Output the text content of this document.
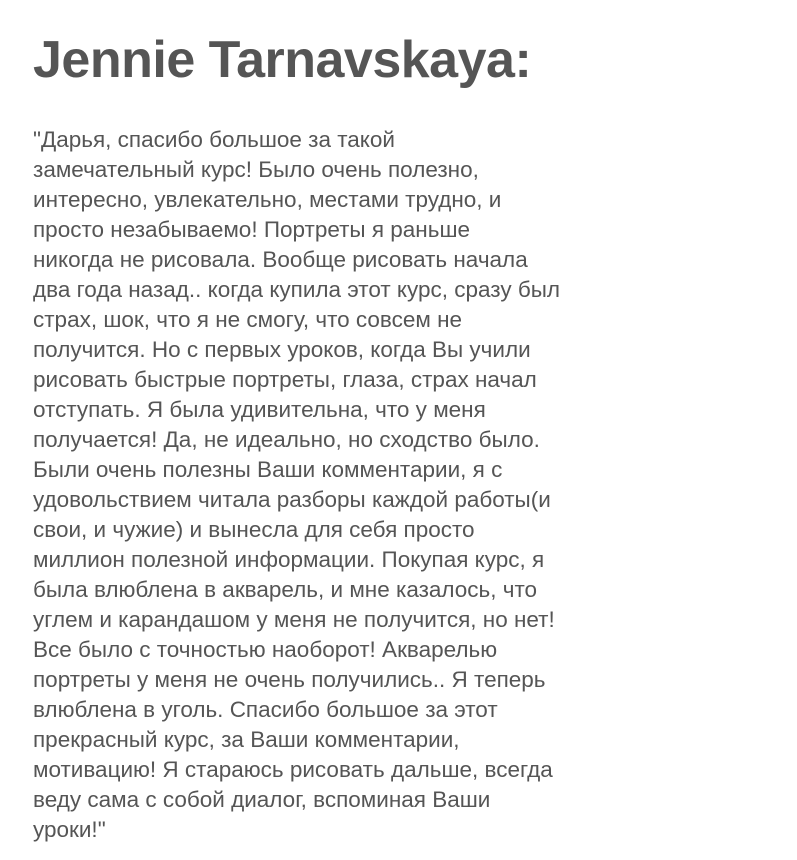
Jennie Tarnavskaya:

"Дарья, спасибо большое за такой
замечательный курс! Было очень полезно,
интересно, увлекательно, местами трудно, и
просто незабываемо! Портреты я раньше
никогда не рисовала. Вообще рисовать начала
два года назад.. когда купила этот курс, сразу был
страх, шок, что я не смогу, что совсем не
получится. Но с первых уроков, когда Вы учили
рисовать быстрые портреты, глаза, страх начал
отступать. Я была удивительна, что у меня
получается! Да, не идеально, но сходство было.
Были очень полезны Ваши комментарии, я с
удовольствием читала разборы каждой работы(и
свои, и чужие) и вынесла для себя просто
миллион полезной информации. Покупая курс, я
была влюблена в акварель, и мне казалось, что
углем и карандашом у меня не получится, но нет!
Все было с точностью наоборот! Акварелью
портреты у меня не очень получились.. Я теперь
влюблена в уголь. Спасибо большое за этот
прекрасный курс, за Ваши комментарии,
мотивацию! Я стараюсь рисовать дальше, всегда
веду сама с собой диалог, вспоминая Ваши
уроки!"
